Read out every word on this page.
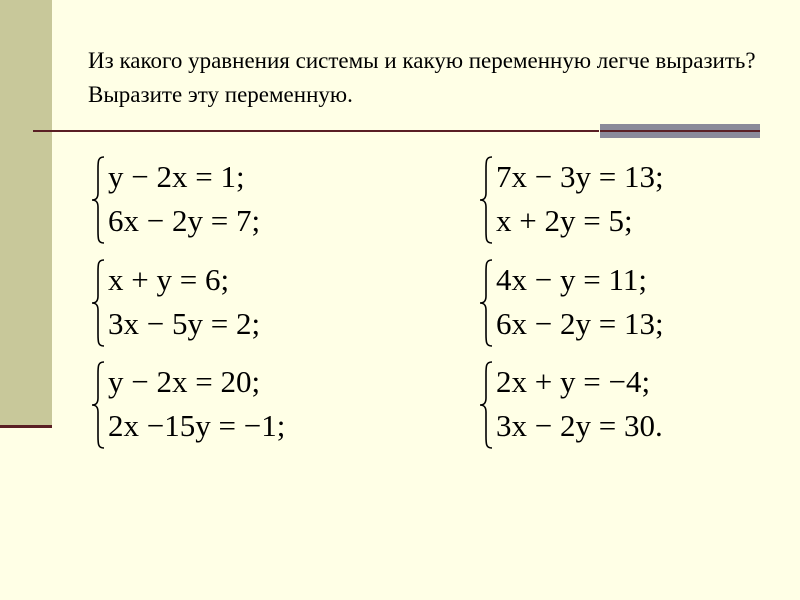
Из какого уравнения системы и какую переменную легче выразить? Выразите эту переменную.
y − 2x = 1;
6x − 2y = 7;
7x − 3y = 13;
x + 2y = 5;
x + y = 6;
3x − 5y = 2;
4x − y = 11;
6x − 2y = 13;
y − 2x = 20;
2x −15y = −1;
2x + y = −4;
3x − 2y = 30.
